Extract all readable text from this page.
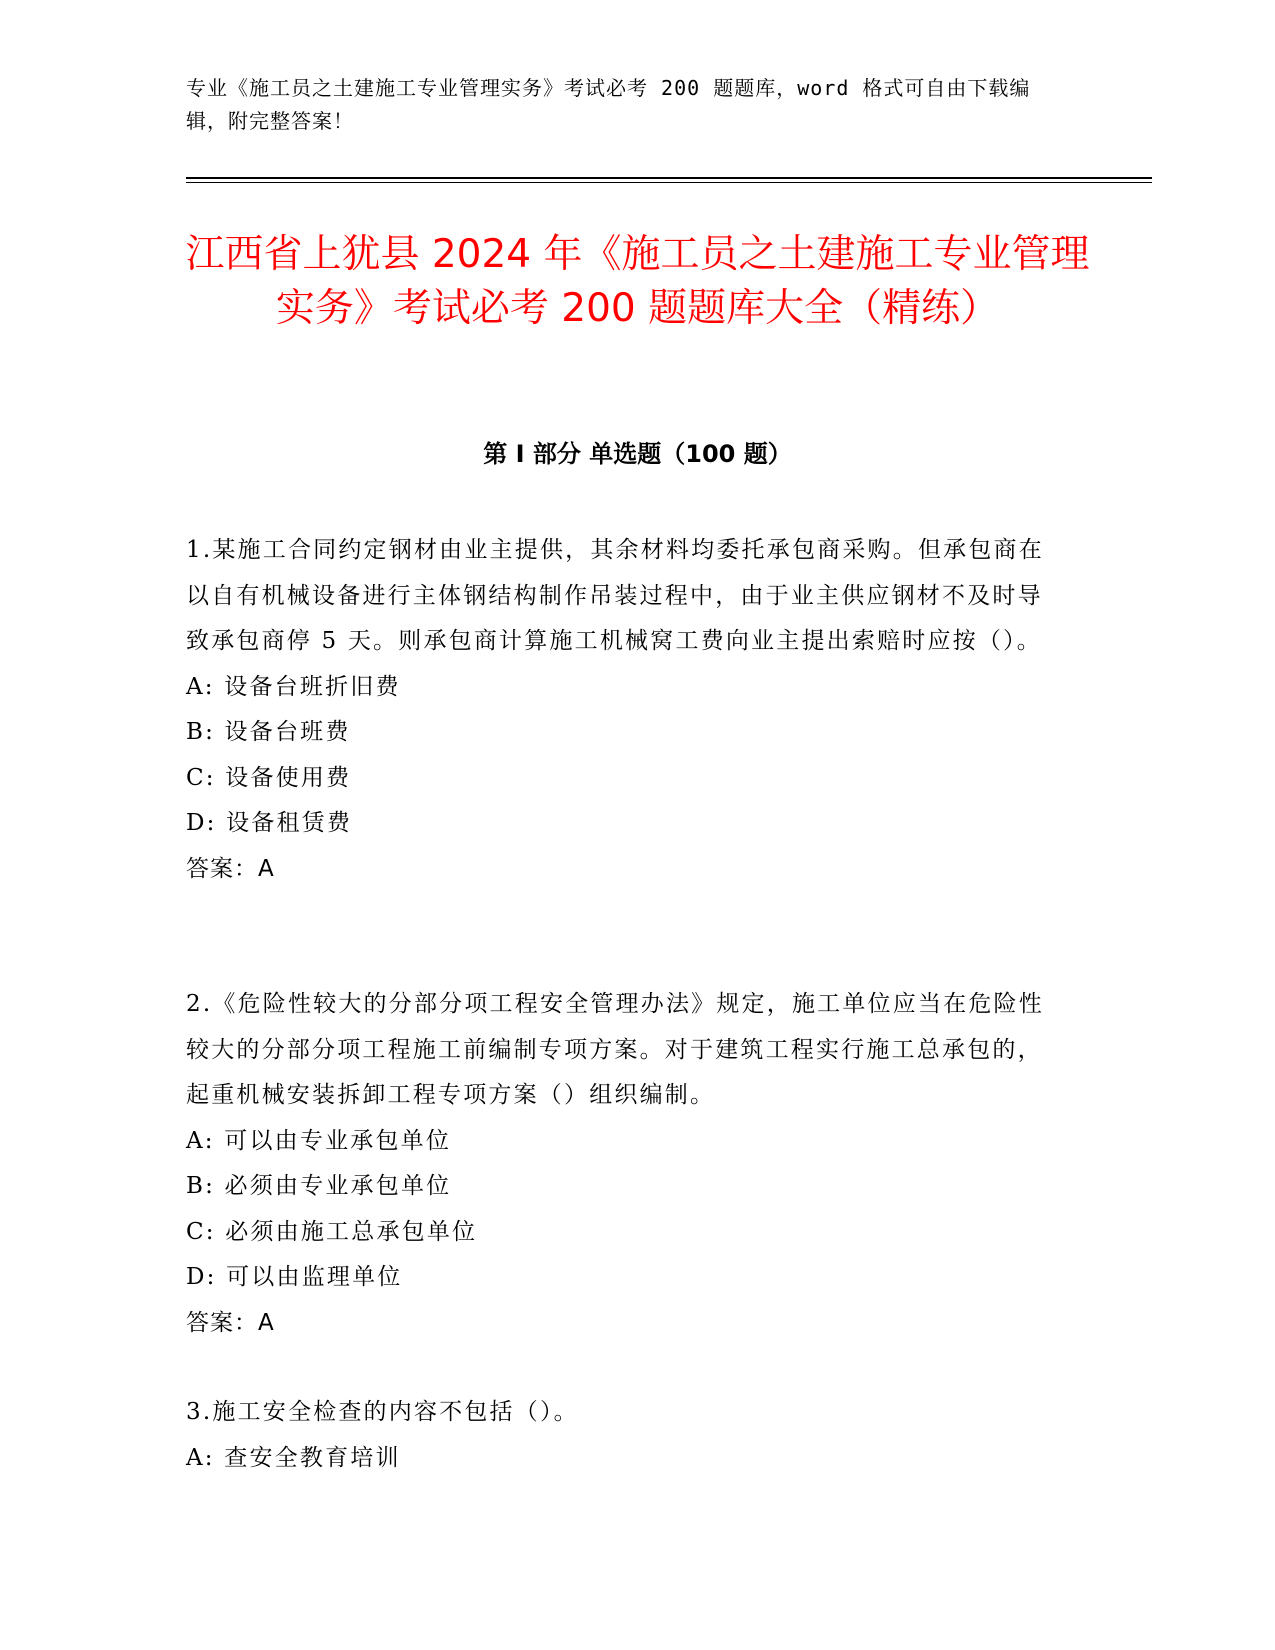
专业《施工员之土建施工专业管理实务》考试必考 200 题题库，word 格式可自由下载编辑，附完整答案！
江西省上犹县 2024 年《施工员之土建施工专业管理实务》考试必考 200 题题库大全（精练）
第 I 部分 单选题（100 题）
1.某施工合同约定钢材由业主提供，其余材料均委托承包商采购。但承包商在以自有机械设备进行主体钢结构制作吊装过程中，由于业主供应钢材不及时导致承包商停 5 天。则承包商计算施工机械窝工费向业主提出索赔时应按（）。
A: 设备台班折旧费
B: 设备台班费
C: 设备使用费
D: 设备租赁费
答案：A
2.《危险性较大的分部分项工程安全管理办法》规定，施工单位应当在危险性较大的分部分项工程施工前编制专项方案。对于建筑工程实行施工总承包的，起重机械安装拆卸工程专项方案（）组织编制。
A: 可以由专业承包单位
B: 必须由专业承包单位
C: 必须由施工总承包单位
D: 可以由监理单位
答案：A
3.施工安全检查的内容不包括（）。
A: 查安全教育培训
